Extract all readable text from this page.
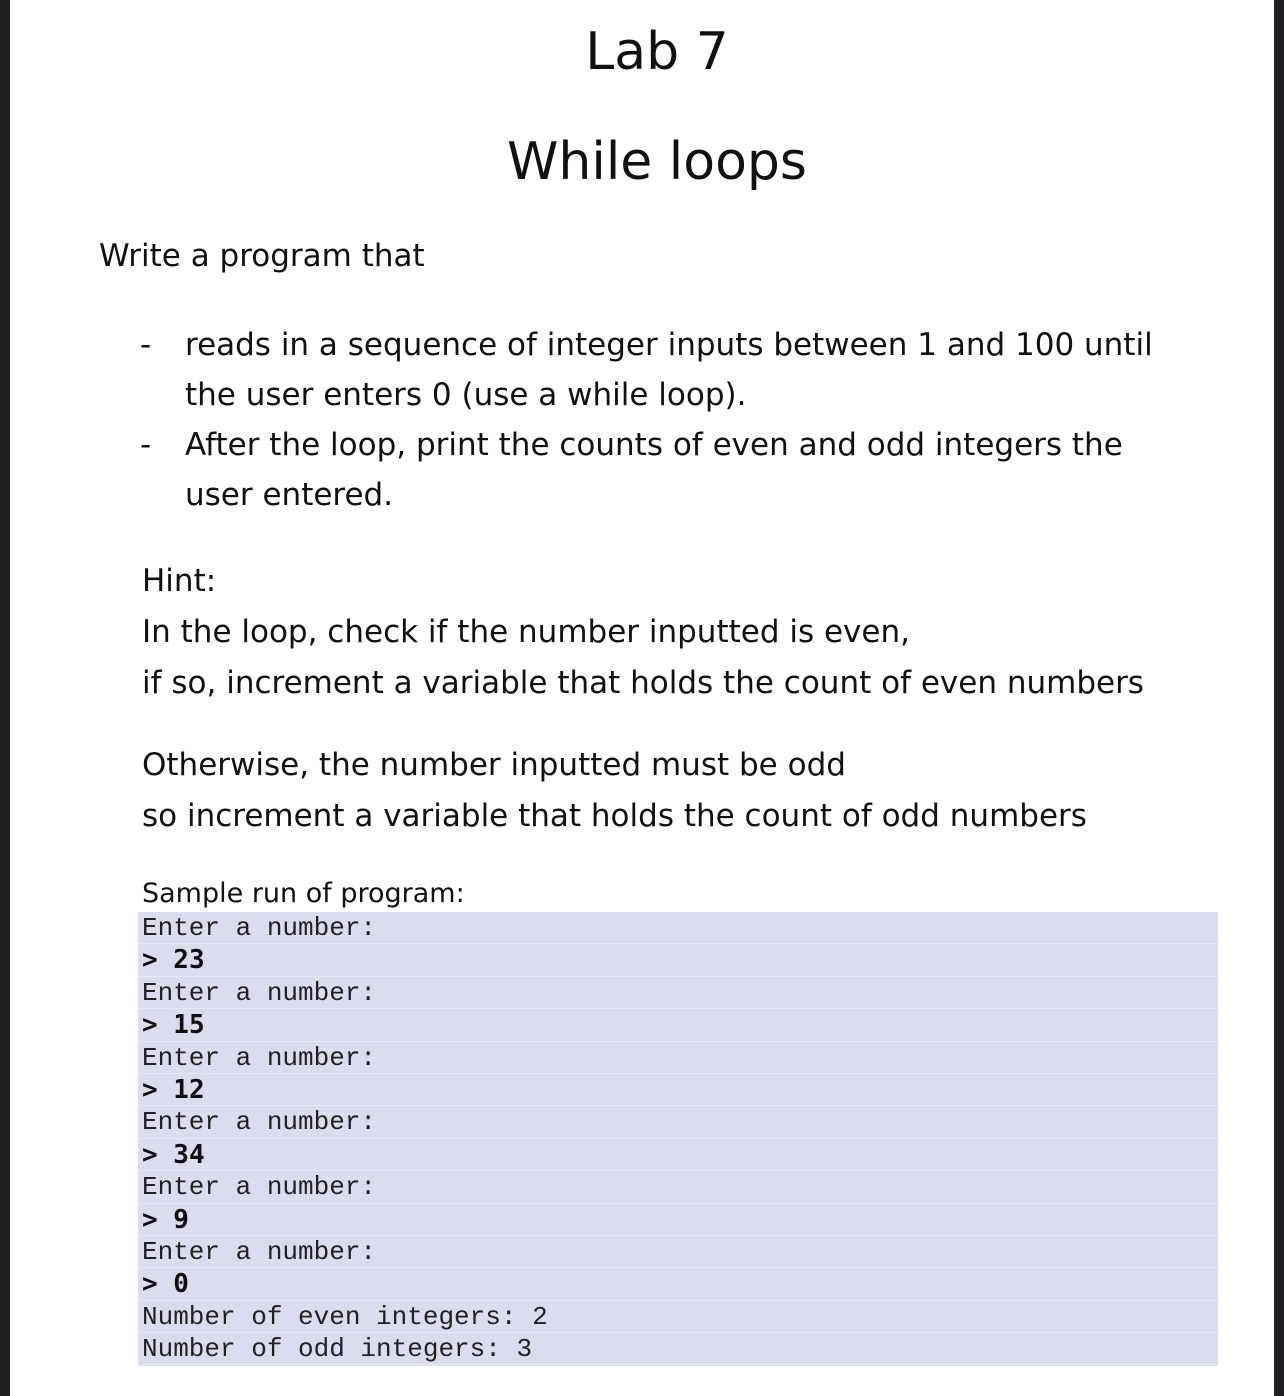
Lab 7
While loops
Write a program that
- reads in a sequence of integer inputs between 1 and 100 until the user enters 0 (use a while loop).
- After the loop, print the counts of even and odd integers the user entered.
Hint:
In the loop, check if the number inputted is even,
if so, increment a variable that holds the count of even numbers
Otherwise, the number inputted must be odd
so increment a variable that holds the count of odd numbers
Sample run of program:
Enter a number:
> 23
Enter a number:
> 15
Enter a number:
> 12
Enter a number:
> 34
Enter a number:
> 9
Enter a number:
> 0
Number of even integers: 2
Number of odd integers: 3
